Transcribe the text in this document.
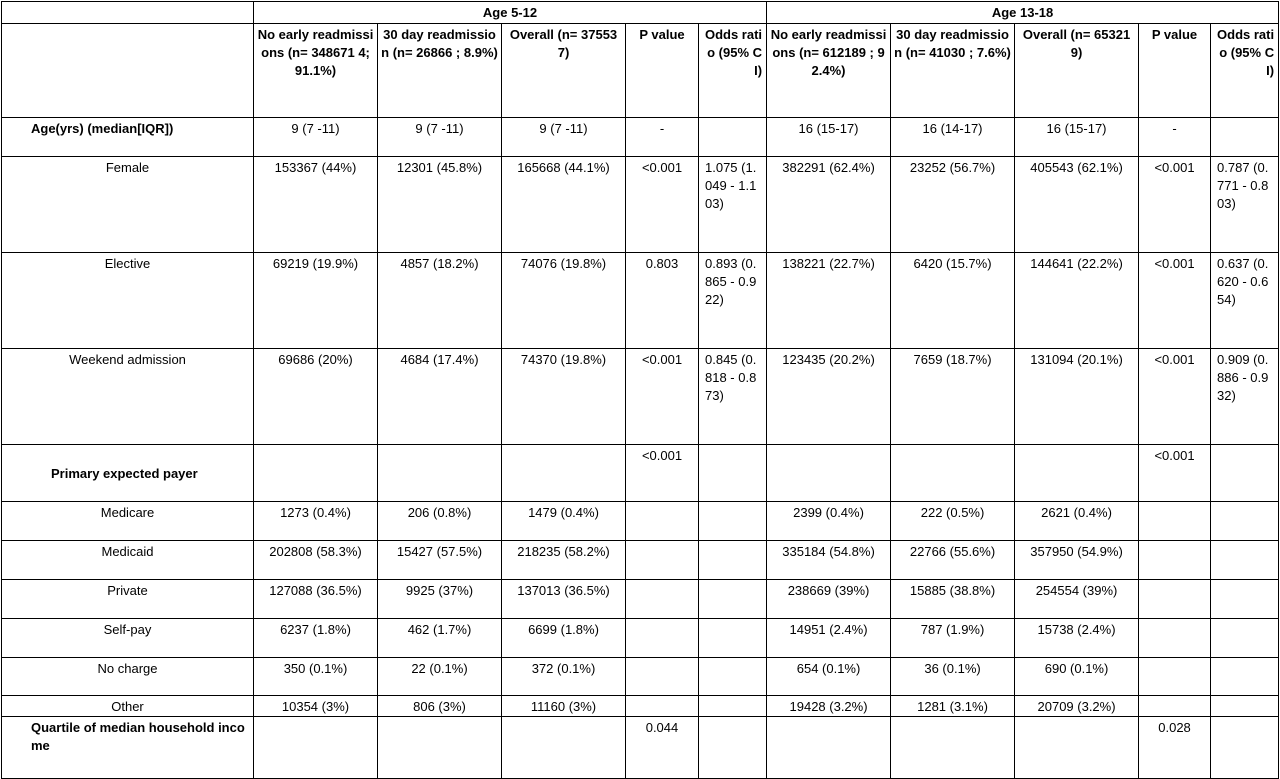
	Age 5-12					Age 13-18				
	No early readmissions (n= 348671 4; 91.1%)	30 day readmission (n= 26866 ; 8.9%)	Overall (n= 375537)	P value	Odds ratio (95% CI)	No early readmissions (n= 612189 ; 92.4%)	30 day readmission (n= 41030 ; 7.6%)	Overall (n= 653219)	P value	Odds ratio (95% CI)
Age(yrs) (median[IQR])	9 (7 -11)	9 (7 -11)	9 (7 -11)	-		16 (15-17)	16 (14-17)	16 (15-17)	-	
Female	153367 (44%)	12301 (45.8%)	165668 (44.1%)	<0.001	1.075 (1.049 - 1.103)	382291 (62.4%)	23252 (56.7%)	405543 (62.1%)	<0.001	0.787 (0.771 - 0.803)
Elective	69219 (19.9%)	4857 (18.2%)	74076 (19.8%)	0.803	0.893 (0.865 - 0.922)	138221 (22.7%)	6420 (15.7%)	144641 (22.2%)	<0.001	0.637 (0.620 - 0.654)
Weekend admission	69686 (20%)	4684 (17.4%)	74370 (19.8%)	<0.001	0.845 (0.818 - 0.873)	123435 (20.2%)	7659 (18.7%)	131094 (20.1%)	<0.001	0.909 (0.886 - 0.932)
Primary expected payer				<0.001					<0.001	
Medicare	1273 (0.4%)	206 (0.8%)	1479 (0.4%)			2399 (0.4%)	222 (0.5%)	2621 (0.4%)		
Medicaid	202808 (58.3%)	15427 (57.5%)	218235 (58.2%)			335184 (54.8%)	22766 (55.6%)	357950 (54.9%)		
Private	127088 (36.5%)	9925 (37%)	137013 (36.5%)			238669 (39%)	15885 (38.8%)	254554 (39%)		
Self-pay	6237 (1.8%)	462 (1.7%)	6699 (1.8%)			14951 (2.4%)	787 (1.9%)	15738 (2.4%)		
No charge	350 (0.1%)	22 (0.1%)	372 (0.1%)			654 (0.1%)	36 (0.1%)	690 (0.1%)		
Other	10354 (3%)	806 (3%)	11160 (3%)			19428 (3.2%)	1281 (3.1%)	20709 (3.2%)		
Quartile of median household income				0.044					0.028	
